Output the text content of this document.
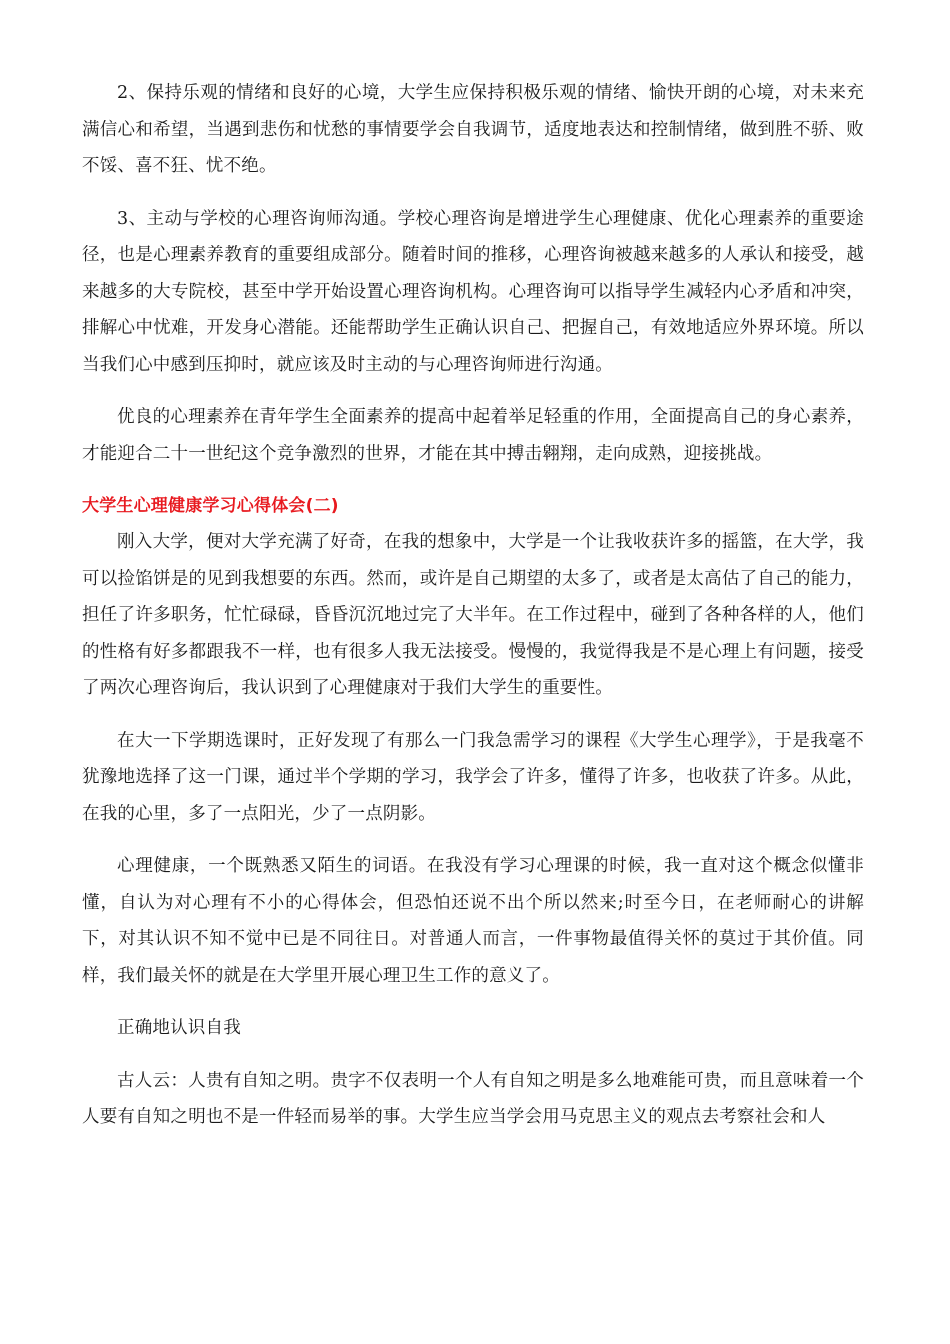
2、保持乐观的情绪和良好的心境，大学生应保持积极乐观的情绪、愉快开朗的心境，对未来充满信心和希望，当遇到悲伤和忧愁的事情要学会自我调节，适度地表达和控制情绪，做到胜不骄、败不馁、喜不狂、忧不绝。

3、主动与学校的心理咨询师沟通。学校心理咨询是增进学生心理健康、优化心理素养的重要途径，也是心理素养教育的重要组成部分。随着时间的推移，心理咨询被越来越多的人承认和接受，越来越多的大专院校，甚至中学开始设置心理咨询机构。心理咨询可以指导学生减轻内心矛盾和冲突，排解心中忧难，开发身心潜能。还能帮助学生正确认识自己、把握自己，有效地适应外界环境。所以当我们心中感到压抑时，就应该及时主动的与心理咨询师进行沟通。

优良的心理素养在青年学生全面素养的提高中起着举足轻重的作用，全面提高自己的身心素养，才能迎合二十一世纪这个竞争激烈的世界，才能在其中搏击翱翔，走向成熟，迎接挑战。

大学生心理健康学习心得体会(二)

刚入大学，便对大学充满了好奇，在我的想象中，大学是一个让我收获许多的摇篮，在大学，我可以捡馅饼是的见到我想要的东西。然而，或许是自己期望的太多了，或者是太高估了自己的能力，担任了许多职务，忙忙碌碌，昏昏沉沉地过完了大半年。在工作过程中，碰到了各种各样的人，他们的性格有好多都跟我不一样，也有很多人我无法接受。慢慢的，我觉得我是不是心理上有问题，接受了两次心理咨询后，我认识到了心理健康对于我们大学生的重要性。

在大一下学期选课时，正好发现了有那么一门我急需学习的课程《大学生心理学》，于是我毫不犹豫地选择了这一门课，通过半个学期的学习，我学会了许多，懂得了许多，也收获了许多。从此，在我的心里，多了一点阳光，少了一点阴影。

心理健康，一个既熟悉又陌生的词语。在我没有学习心理课的时候，我一直对这个概念似懂非懂，自认为对心理有不小的心得体会，但恐怕还说不出个所以然来;时至今日，在老师耐心的讲解下，对其认识不知不觉中已是不同往日。对普通人而言，一件事物最值得关怀的莫过于其价值。同样，我们最关怀的就是在大学里开展心理卫生工作的意义了。

正确地认识自我

古人云：人贵有自知之明。贵字不仅表明一个人有自知之明是多么地难能可贵，而且意味着一个人要有自知之明也不是一件轻而易举的事。大学生应当学会用马克思主义的观点去考察社会和人
